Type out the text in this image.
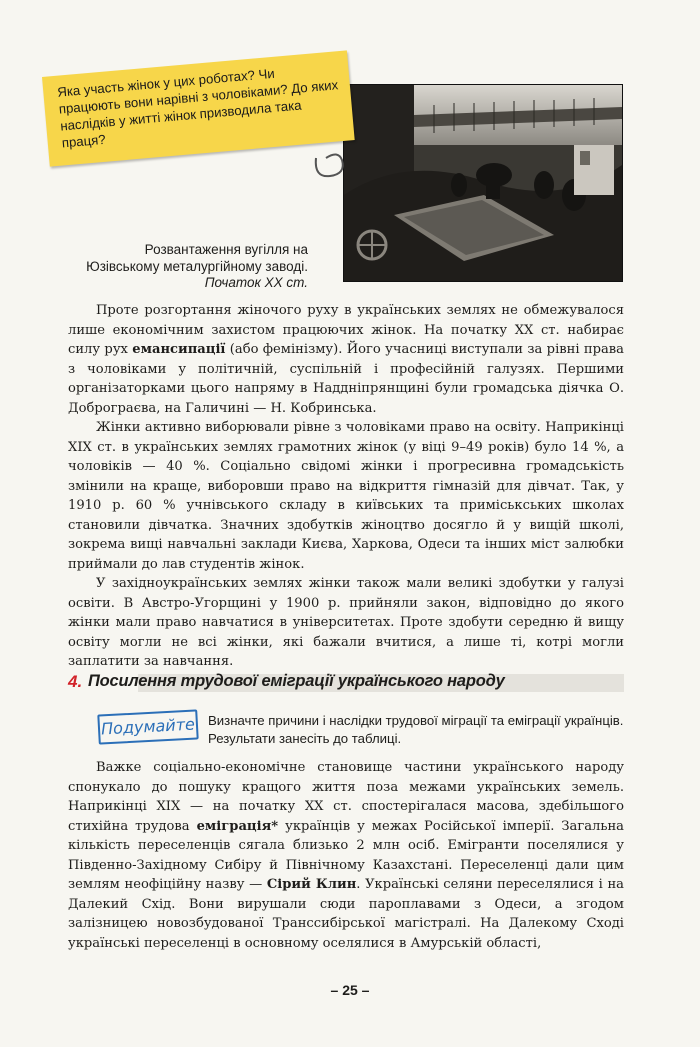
Яка участь жінок у цих роботах? Чи працюють вони нарівні з чоловіками? До яких наслідків у житті жінок призводила така праця?
Розвантаження вугілля на
Юзівському металургійному заводі.
Початок XX ст.

Проте розгортання жіночого руху в українських землях не обмежувалося лише економічним захистом працюючих жінок. На початку XX ст. набирає силу рух емансипації (або фемінізму). Його учасниці виступали за рівні права з чоловіками у політичній, суспільній і професійній галузях. Першими організаторками цього напряму в Наддніпрянщині були громадська діячка О. Доброграєва, на Галичині — Н. Кобринська.

Жінки активно виборювали рівне з чоловіками право на освіту. Наприкінці XIX ст. в українських землях грамотних жінок (у віці 9–49 років) було 14 %, а чоловіків — 40 %. Соціально свідомі жінки і прогресивна громадськість змінили на краще, виборовши право на відкриття гімназій для дівчат. Так, у 1910 р. 60 % учнівського складу в київських та приміськських школах становили дівчатка. Значних здобутків жіноцтво досягло й у вищій школі, зокрема вищі навчальні заклади Києва, Харкова, Одеси та інших міст залюбки приймали до лав студентів жінок.

У західноукраїнських землях жінки також мали великі здобутки у галузі освіти. В Австро-Угорщині у 1900 р. прийняли закон, відповідно до якого жінки мали право навчатися в університетах. Проте здобути середню й вищу освіту могли не всі жінки, які бажали вчитися, а лише ті, котрі могли заплатити за навчання.

4. Посилення трудової еміграції українського народу
Подумайте Визначте причини і наслідки трудової міграції та еміграції українців. Результати занесіть до таблиці.

Важке соціально-економічне становище частини українського народу спонукало до пошуку кращого життя поза межами українських земель. Наприкінці XIX — на початку XX ст. спостерігалася масова, здебільшого стихійна трудова еміграція* українців у межах Російської імперії. Загальна кількість переселенців сягала близько 2 млн осіб. Емігранти поселялися у Південно-Західному Сибіру й Північному Казахстані. Переселенці дали цим землям неофіційну назву — Сірий Клин. Українські селяни переселялися і на Далекий Схід. Вони вирушали сюди пароплавами з Одеси, а згодом залізницею новозбудованої Транссибірської магістралі. На Далекому Сході українські переселенці в основному оселялися в Амурській області,

– 25 –
